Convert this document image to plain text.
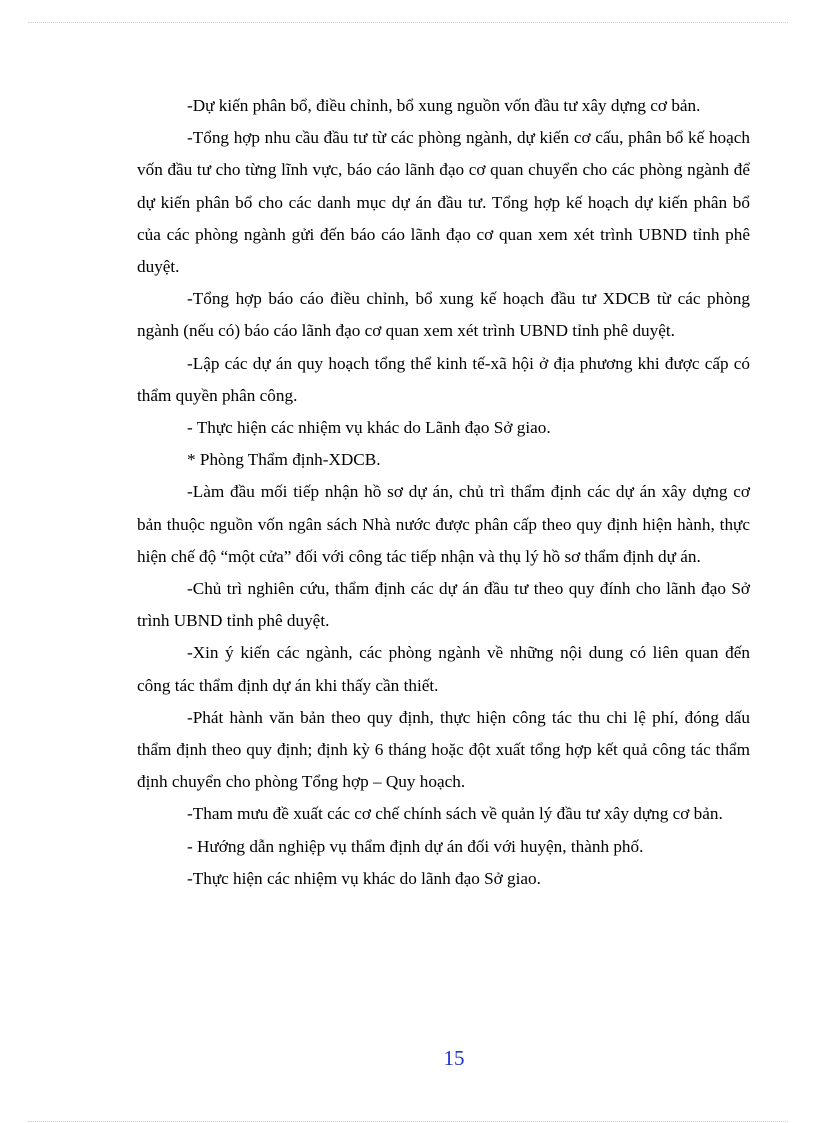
-Dự kiến phân bổ, điều chỉnh, bổ xung nguồn vốn đầu tư xây dựng cơ bản.

-Tổng hợp nhu cầu đầu tư từ các phòng ngành, dự kiến cơ cấu, phân bổ kế hoạch vốn đầu tư cho từng lĩnh vực, báo cáo lãnh đạo cơ quan chuyển cho các phòng ngành để dự kiến phân bổ cho các danh mục dự án đầu tư. Tổng hợp kế hoạch dự kiến phân bổ của các phòng ngành gửi đến báo cáo lãnh đạo cơ quan xem xét trình UBND tỉnh phê duyệt.

-Tổng hợp báo cáo điều chỉnh, bổ xung kế hoạch đầu tư XDCB từ các phòng ngành (nếu có) báo cáo lãnh đạo cơ quan xem xét trình UBND tỉnh phê duyệt.

-Lập các dự án quy hoạch tổng thể kinh tế-xã hội ở địa phương khi được cấp có thẩm quyền phân công.

- Thực hiện các nhiệm vụ khác do Lãnh đạo Sở giao.

* Phòng Thẩm định-XDCB.

-Làm đầu mối tiếp nhận hồ sơ dự án, chủ trì thẩm định các dự án xây dựng cơ bản thuộc nguồn vốn ngân sách Nhà nước được phân cấp theo quy định hiện hành, thực hiện chế độ “một cửa” đối với công tác tiếp nhận và thụ lý hồ sơ thẩm định dự án.

-Chủ trì nghiên cứu, thẩm định các dự án đầu tư theo quy đính cho lãnh đạo Sở trình UBND tỉnh phê duyệt.

-Xin ý kiến các ngành, các phòng ngành về những nội dung có liên quan đến công tác thẩm định dự án khi thấy cần thiết.

-Phát hành văn bản theo quy định, thực hiện công tác thu chi lệ phí, đóng dấu thẩm định theo quy định; định kỳ 6 tháng hoặc đột xuất tổng hợp kết quả công tác thẩm định chuyển cho phòng Tổng hợp – Quy hoạch.

-Tham mưu đề xuất các cơ chế chính sách về quản lý đầu tư xây dựng cơ bản.

- Hướng dẫn nghiệp vụ thẩm định dự án đối với huyện, thành phố.

-Thực hiện các nhiệm vụ khác do lãnh đạo Sở giao.

15
